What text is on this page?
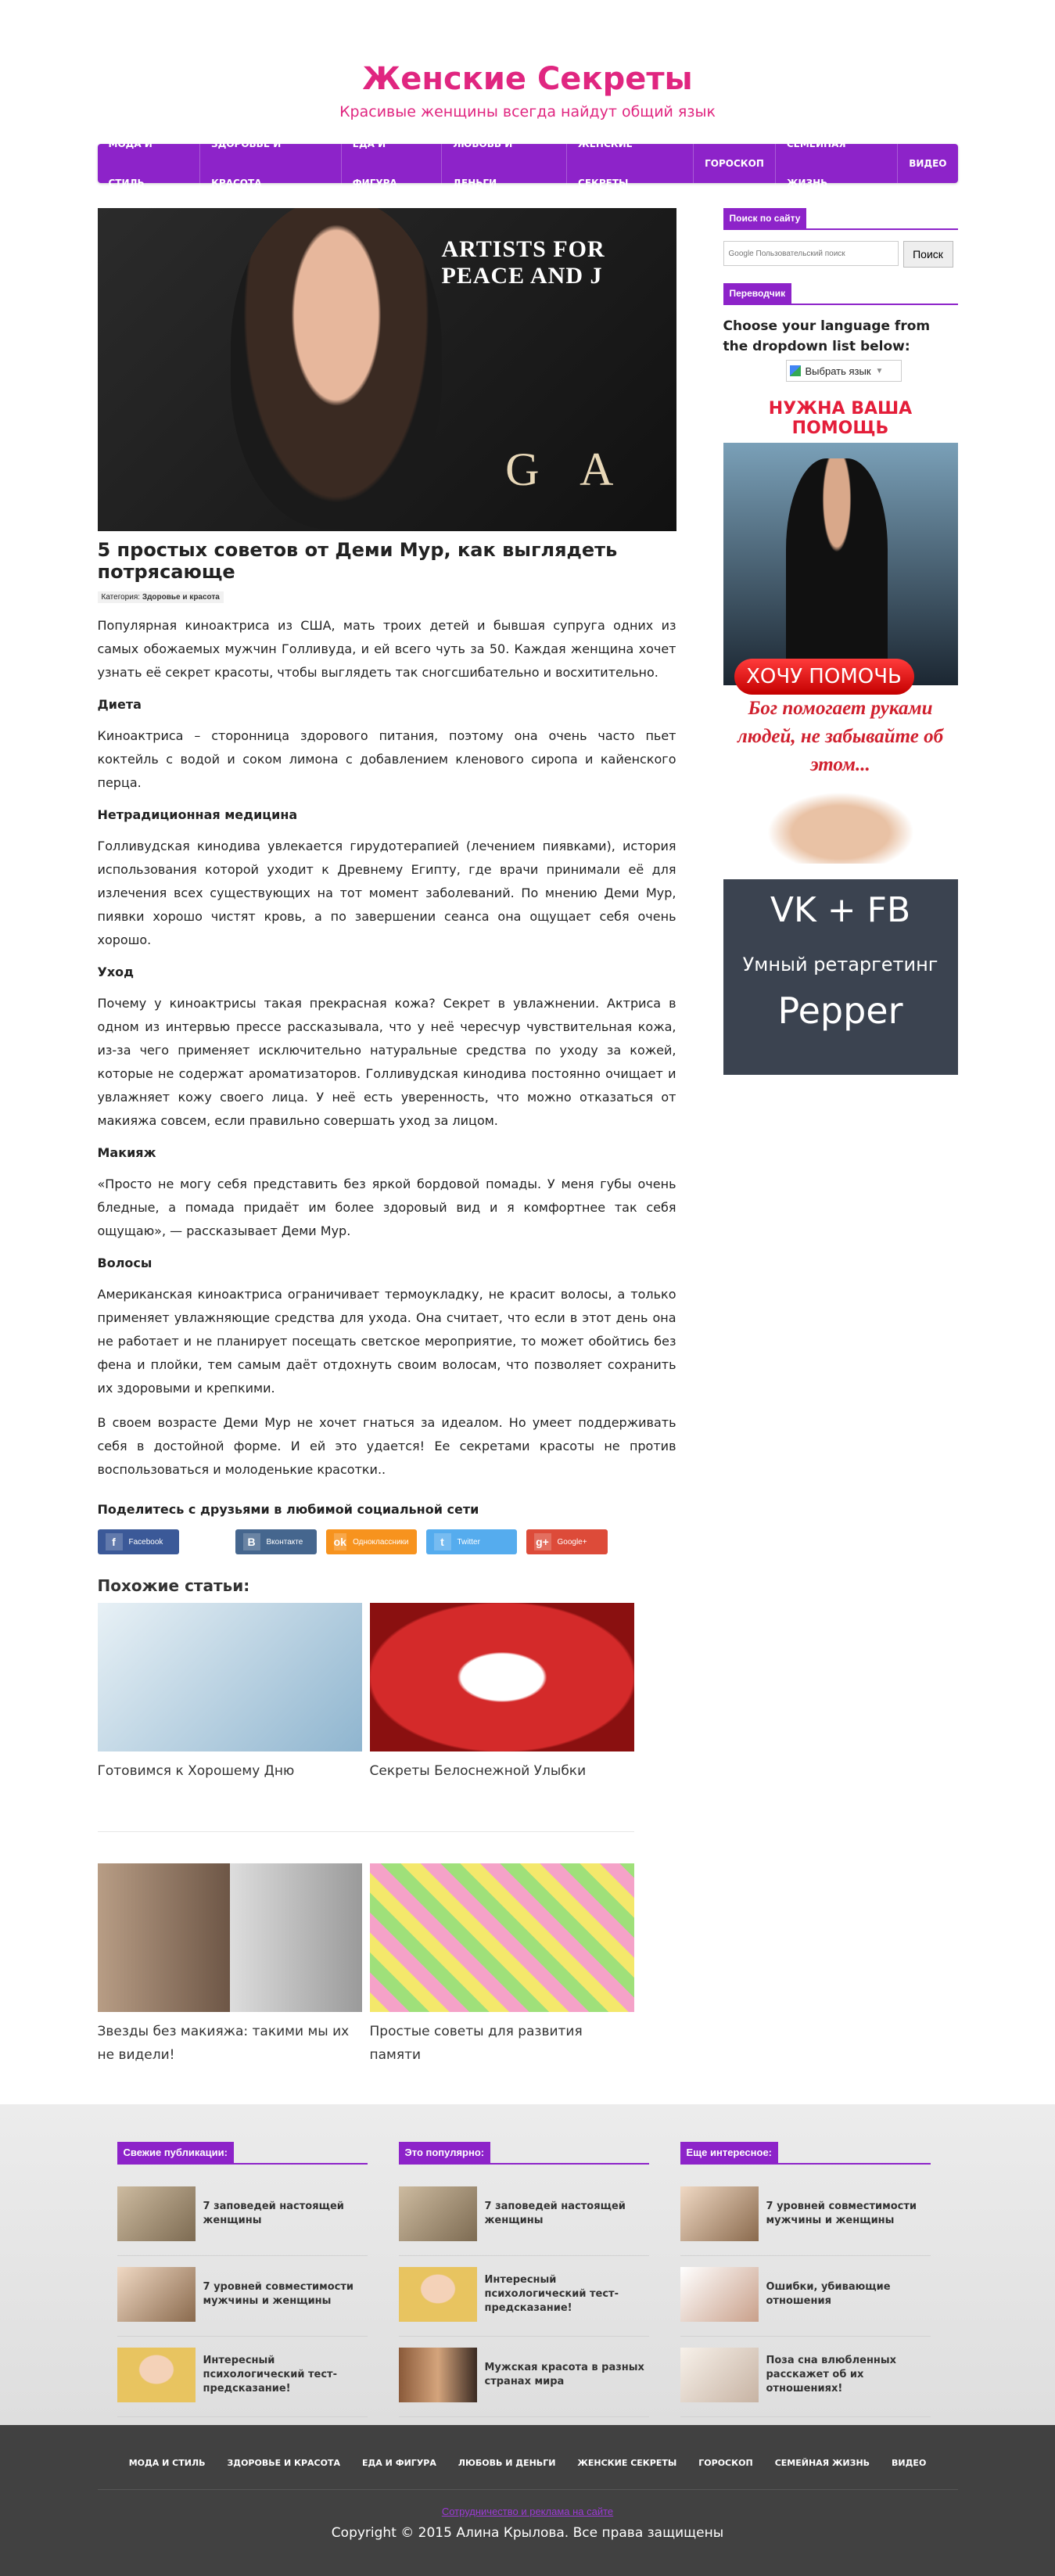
Женские Секреты
Красивые женщины всегда найдут общий язык
МОДА И СТИЛЬ
ЗДОРОВЬЕ И КРАСОТА
ЕДА И ФИГУРА
ЛЮБОВЬ И ДЕНЬГИ
ЖЕНСКИЕ СЕКРЕТЫ
ГОРОСКОП
СЕМЕЙНАЯ ЖИЗНЬ
ВИДЕО
ARTISTS FOR PEACE AND J
G A
5 простых советов от Деми Мур, как выглядеть потрясающе
Категория: Здоровье и красота

Популярная киноактриса из США, мать троих детей и бывшая супруга одних из самых обожаемых мужчин Голливуда, и ей всего чуть за 50. Каждая женщина хочет узнать её секрет красоты, чтобы выглядеть так сногсшибательно и восхитительно.

Диета

Киноактриса – сторонница здорового питания, поэтому она очень часто пьет коктейль с водой и соком лимона с добавлением кленового сиропа и кайенского перца.

Нетрадиционная медицина

Голливудская кинодива увлекается гирудотерапией (лечением пиявками), история использования которой уходит к Древнему Египту, где врачи принимали её для излечения всех существующих на тот момент заболеваний. По мнению Деми Мур, пиявки хорошо чистят кровь, а по завершении сеанса она ощущает себя очень хорошо.

Уход

Почему у киноактрисы такая прекрасная кожа? Секрет в увлажнении. Актриса в одном из интервью прессе рассказывала, что у неё чересчур чувствительная кожа, из-за чего применяет исключительно натуральные средства по уходу за кожей, которые не содержат ароматизаторов. Голливудская кинодива постоянно очищает и увлажняет кожу своего лица. У неё есть уверенность, что можно отказаться от макияжа совсем, если правильно совершать уход за лицом.

Макияж

«Просто не могу себя представить без яркой бордовой помады. У меня губы очень бледные, а помада придаёт им более здоровый вид и я комфортнее так себя ощущаю», — рассказывает Деми Мур.

Волосы

Американская киноактриса ограничивает термоукладку, не красит волосы, а только применяет увлажняющие средства для ухода. Она считает, что если в этот день она не работает и не планирует посещать светское мероприятие, то может обойтись без фена и плойки, тем самым даёт отдохнуть своим волосам, что позволяет сохранить их здоровыми и крепкими.

В своем возрасте Деми Мур не хочет гнаться за идеалом. Но умеет поддерживать себя в достойной форме. И ей это удается! Ее секретами красоты не против воспользоваться и молоденькие красотки..

Поделитесь с друзьями в любимой социальной сети
f	Facebook	B	Вконтакте	ok Одноклассники	t	Twitter	g+ Google+
Похожие статьи:
Готовимся к Хорошему Дню	Секреты Белоснежной Улыбки
Звезды без макияжа: такими мы их не видели!
Простые советы для развития памяти
Поиск по сайту
Google Пользовательский поиск
Поиск
Переводчик
Choose your language from the dropdown list below:
Выбрать язык ▼
НУЖНА ВАША ПОМОЩЬ
ХОЧУ ПОМОЧЬ
Бог помогает руками людей, не забывайте об этом...
VK + FB
Умный ретаргетинг
Pepper
Свежие публикации:
7 заповедей настоящей женщины
7 уровней совместимости мужчины и женщины
Интересный психологический тест-предсказание!
Это популярно:
7 заповедей настоящей женщины
Интересный психологический тест-предсказание!
Мужская красота в разных странах мира
Еще интересное:
7 уровней совместимости мужчины и женщины
Ошибки, убивающие отношения
Поза сна влюбленных расскажет об их отношениях!
МОДА И СТИЛЬ	ЗДОРОВЬЕ И КРАСОТА	ЕДА И ФИГУРА	ЛЮБОВЬ И ДЕНЬГИ	ЖЕНСКИЕ СЕКРЕТЫ	ГОРОСКОП	СЕМЕЙНАЯ ЖИЗНЬ	ВИДЕО
Сотрудничество и реклама на сайте
Copyright © 2015 Алина Крылова. Все права защищены
